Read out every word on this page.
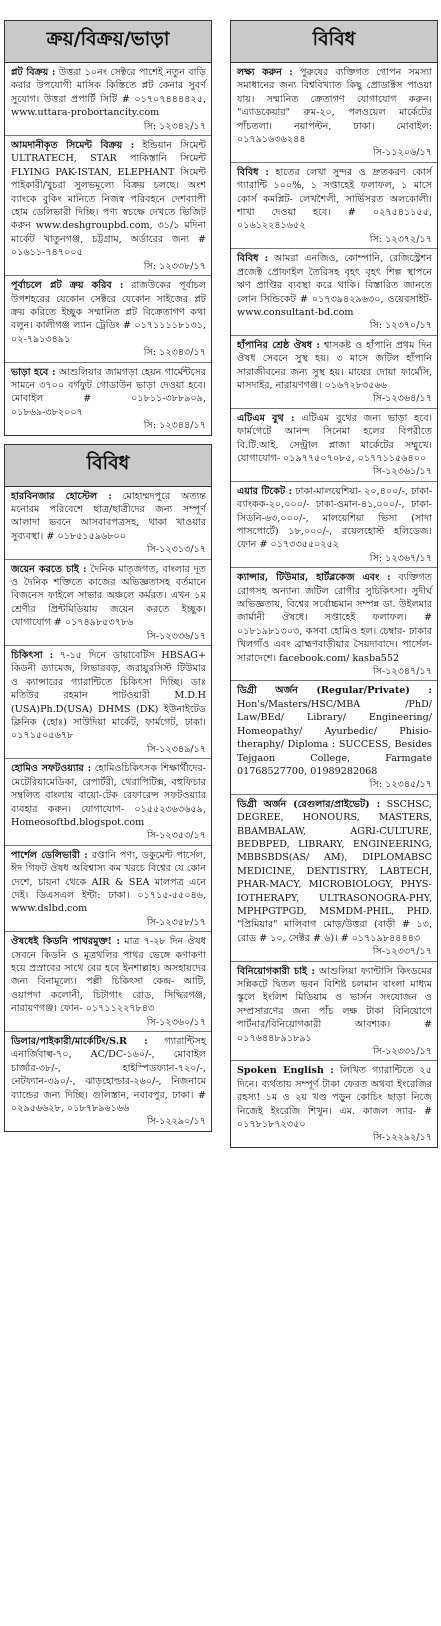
ক্রয়/বিক্রয়/ভাড়া
প্লট বিক্রয় : উত্তরা ১০নং সেক্টরে পাশেই নতুন বাড়ি করার উপযোগী মাসিক কিস্তিতে প্লট কেনার সুবর্ণ সুযোগ। উত্তরা প্রপার্টি সিটি # ০১৭০৭৪৪৪৪২৫, www.uttara-probortancity.com
সি: ১২৩৪২/১৭
আমদানীকৃত সিমেন্ট বিক্রয় : ইন্ডিয়ান সিমেন্ট ULTRATECH, STAR পাকিস্তানি সিমেন্ট FLYING PAK-ISTAN, ELEPHANT সিমেন্ট পাইকারী/খুচরা সুলভমূল্যে বিক্রয় চলছে। অংশ ব্যাংকে বুকিং মানিতে নিজস্ব পরিবহনে দেশব্যাপী হোম ডেলিভারী দিচ্ছি। পণ্য স্বচক্ষে দেখতে ভিজিট করুন www.deshgroupbd.com, ৩১/১ মদিনা মার্কেট খাতুনগঞ্জ, চট্টগ্রাম, অর্ডারের জন্য # ০১৬১১-৭৪৭০০৫
সি: ১২৩৩৮/১৭
পূর্বাচলে প্লট ক্রয় করিব : রাজউকের পূর্বাচল উপশহরের যেকোন সেক্টরে যেকোন সাইজের প্লট ক্রয় করিতে ইচ্ছুক সম্মানিত প্লট বিক্রেতাগণ কথা বলুন। কালীগঞ্জ ল্যান ট্রেডিং # ০১৭১১১১৮১৩১, ০২-৭৯১৩৪৯১
সি: ১২৩৪৩/১৭
ভাড়া হবে : আশুলিয়ার জামগড়া হেয়ন গার্মেন্টসের সামনে ৩৭০০ বর্গফুট গোডাউন ভাড়া দেওয়া হবে। মোবাইল # ০১৮১১-৩৮৮৯০৯, ০১৮৬৯-৩৮২০০৭
সি: ১২৩৪৪/১৭
বিবিধ
হারবিনজার হোস্টেল : মোহাম্মদপুরে অত্যন্ত মনোরম পরিবেশে ছাত্র/ছাত্রীদের জন্য সম্পূর্ণ আলাদা ভবনে আসবাবপত্রসহ, থাকা খাওয়ার সুব্যবস্থা। # ০১৮৫১৫৯৬৮০০
সি-১২৩১৩/১৭
জয়েন করতে চাই : দৈনিক মাতৃজগত, বাংলার দূত ও দৈনিক শক্তিতে কাজের অভিজ্ঞতাসহ বর্তমানে বিজনেস ফাইলে সাভার অঞ্চলে কর্মরত। এখন ১ম শ্রেণীর প্রিন্টমিডিয়ায় জয়েন করতে ইচ্ছুক। যোগাযোগ # ০১৭৪৯৮৫৩৭৮৬
সি-১২৩৩৬/১৭
চিকিৎসা : ৭-১৫ দিনে ডায়াবেটিস HBSAG+ কিডনী ড্যামেজ, লিভারবড়, জরায়ুরসিস্ট টিউমার ও ক্যান্সারের গ্যারান্টিতে চিকিৎসা দিচ্ছি। ডাঃ মতিউর রহমান পাটওয়ারী M.D.H (USA)Ph.D(USA) DHMS (DK) ইউনাইটেড ক্লিনিক (হোঃ) সাউদিয়া মার্কেট, ফার্মগেট, ঢাকা। ০১৭১৫০৫৬৭৮
সি-১২৩৪৯/১৭
হোমিও সফটওয়্যার : হোমিওচিকিৎসক শিক্ষার্থীদের-মেটেরিয়ামেডিকা, রেপার্টরী, থেরাপিটিক্স, বহুফিচার সম্বলিত বাংলায় বায়ো-টেক রেফারেন্স সফটওয়্যার ব্যবহার করুন। যোগাযোগ- ০১৫৫২৩৬৩৬৫৯, Homeosoftbd.blogspot.com
সি-১২৩৫৩/১৭
পার্শেল ডেলিভারী : রপ্তানি পণ্য, ডকুমেন্ট পার্সেল, ঈদ গিফট ঔষধ অবিশ্বাস্য কম খরচে বিশ্বের যে কোন দেশে, চায়না থেকে AIR & SEA মালপত্র এনে দেই। ডিএসএল ইন্টা: ঢাকা। ০১৭১৫-৫৫০৪৬, www.dslbd.com
সি-১২৩৫৮/১৭
ঔষধেই কিডনি পাথরমুক্ত! : মাত্র ৭-২৮ দিন ঔষধ সেবনে কিডনি ও মূত্রথলির পাথর ভেঙ্গে কণাকণা হয়ে প্রস্রাবের সাথে বের হবে ইনশাল্লাহ। অসহায়দের জন্য বিনামূল্যে। পল্লী চিকিৎসা কেন্দ্র- আটি, ওয়াপদা কলোনী, চিটাগাং রোড, সিদ্ধিরগঞ্জ, নারায়ণগঞ্জ। ফোন- ০১৭১১২২৭৮৪৩
সি-১২৩৬০/১৭
ডিলার/পাইকারী/মার্কেটিং/S.R : গ্যারান্টিসহ এনার্জিবাল্ব-৭০, AC/DC-১৬০/-, মোবাইল চার্জার-৩৮/-, হাইস্পিডফ্যান-৭২০/-, নেটফ্যান-৩৯০/-, ঝাড়হোল্ডার-২৬০/-, নিজনামে ব্যান্ডের জন্য দিচ্ছি। গুলিস্তান, নবাবপুর, ঢাকা। # ০২৯৫৬৬২৮, ০১৮৭৮৯৬১৬৬
সি-১২২৯০/১৭
বিবিধ
লক্ষ্য করুন : পুরুষের ব্যক্তিগত গোপন সমস্যা সমাধানের জন্য বিশ্ববিখ্যাত কিছু প্রোডাক্টস পাওয়া যায়। সম্মানিত ক্রেতাগণ যোগাযোগ করুন। "এ্যাডকেয়ার" রুম-২০, পলওয়েল মার্কেটের পাঁচতলা। নয়াপল্টন, ঢাকা। মোবাইল: ০১৭৯১৬৩৬২৪৪
সি-১১২০৬/১৭
বিবিধ : হাতের লেখা সুন্দর ও দ্রুতকরণ কোর্স গ্যারান্টি ১০০%, ১ সপ্তাহেই ফলাফল, ১ মাসে কোর্স কমপ্লিট- লেখশৈলী, সার্ভিসরত অলকোলী। শাখা দেওয়া হবে। # ০২৭৫৪১১৫৫, ০১৬১২২৪১৬৫২
সি: ১২৩৭২/১৭
বিবিধ : আমরা এনজিও, কোম্পানি, রেজিস্ট্রেশন প্রজেক্ট প্রোফাইল তৈরিসহ বৃহৎ বৃহৎ শিল্প স্থাপনে ঋণ প্রাপ্তির ব্যবস্থা করে থাকি। বিস্তারিত জানতে লোন সিন্ডিকেট # ০১৭৩৯৪২৯৬৩০, ওয়েবসাইট- www.consultant-bd.com
সি: ১২৩৭০/১৭
হাঁপানির শ্রেষ্ঠ ঔষধ : শ্বাসকষ্ট ও হাঁপানি প্রথম দিন ঔষধ সেবনে সুস্থ হয়। ৩ মাসে জটিল হাঁপানি সারাজীবনের জন্য সুস্থ হয়। মায়ের দোয়া ফার্মেসি, মাসদাইর, নারায়ণগঞ্জ। ০১৬৭২৮৩৫৬৬
সি-১২৩৬৪/১৭
এটিএম বুথ : এটিএম বুথের জন্য ভাড়া হবে। ফার্মগেটে আনন্দ সিনেমা হলের বিপরীতে বি.টি.আই. সেন্ট্রাল প্লাজা মার্কেটের সম্মুখে। যোগাযোগ- ০১৯৭৭৫০৭০৮৫, ০১৭৭১১৫৬৪০০
সি-১২৩৬১/১৭
এয়ার টিকেট : ঢাকা-মালয়েশিয়া- ২০,৪০০/-, ঢাকা-ব্যাংকক-২০,০০০/- ঢাকা-ওমান-৪১,০০০/-, ঢাকা-সিডনি-৬৩,০০০/-, মালয়েশিয়া ভিসা (সাদা পাসপোর্টে) ১৮,০০০/-, রয়েলহোস্ট হলিডেজ। ফোন # ০১৭৩৩৫৫০২৫২
সি: ১২৩৬৭/১৭
ক্যান্সার, টিউমার, হার্টব্লকেজ এবং : ব্যক্তিগত রোগসহ অন্যান্য জটিল রোগীর সুচিকিৎসা। সুদীর্ঘ অভিজ্ঞতায়, বিশ্বের সর্বোচ্চমান সম্পন্ন ডা. উইলমার জার্মানী ঔষধে। সপ্তাহেই ফলাফল। # ০১৮১৯৮১৩০৩, কসবা হোমিও হল। চেম্বার- ঢাকার খিলগাঁও এবং ব্রাহ্মণবাড়ীয়ার সৈয়দাবাদে। পার্সেল- সারাদেশে। facebook.com/ kasba552
সি-১২৩৪৭/১৭
ডিগ্রী অর্জন (Regular/Private) : Hon's/Masters/HSC/MBA /PhD/ Law/BEd/ Library/ Engineering/ Homeopathy/ Ayurbedic/ Phisio-theraphy/ Diploma : SUCCESS, Besides Tejgaon College, Farmgate 01768527700, 01989282068
সি: ১২৩৪৫/১৭
ডিগ্রী অর্জন (রেগুলার/প্রাইভেট) : SSCHSC, DEGREE, HONOURS, MASTERS, BBAMBALAW, AGRI-CULTURE, BEDBPED, LIBRARY, ENGINEERING, MBBSBDS(AS/ AM), DIPLOMABSC MEDICINE, DENTISTRY, LABTECH, PHAR-MACY, MICROBIOLOGY, PHYS-IOTHERAPY, ULTRASONOGRA-PHY, MPHPGTPGD, MSMDM-PHIL, PHD. "প্রিমিয়ার" মালিবাগ মোড়/উত্তরা (বাড়ী # ১৩, রোড # ১০, সেক্টর # ৬)। # ০১৭১৯৮৪৪৪৪৩
সি-১২৩৩৭/১৭
বিনিয়োগকারী চাই : আশুলিয়া ফ্যান্টাসি কিংডমের সন্নিকটে দ্বিতল ভবন বিশিষ্ট চলমান বাংলা মাধ্যম স্কুলে ইংলিশ মিডিয়াম ও ভার্সন সংযোজন ও সম্প্রসারণের জন্য পাঁচ লক্ষ টাকা বিনিয়োগে পার্টনার/বিনিয়োগকারী আবশ্যক। # ০১৭৬৪৪৮৯১৮৯১
সি-১২৩৩১/১৭
Spoken English : লিখিত গ্যারান্টিতে ২৫ দিনে। ব্যর্থতায় সম্পূর্ণ টাকা ফেরত অথবা ইংরেজির রহস্য! ১ম ও ২য় খণ্ড পড়ুন কোচিং ছাড়া নিজে নিজেই ইংরেজি শিখুন। এম. কাজল স্যার- # ০১৭৮১৮৭২৩৫০
সি-১২২৯২/১৭
